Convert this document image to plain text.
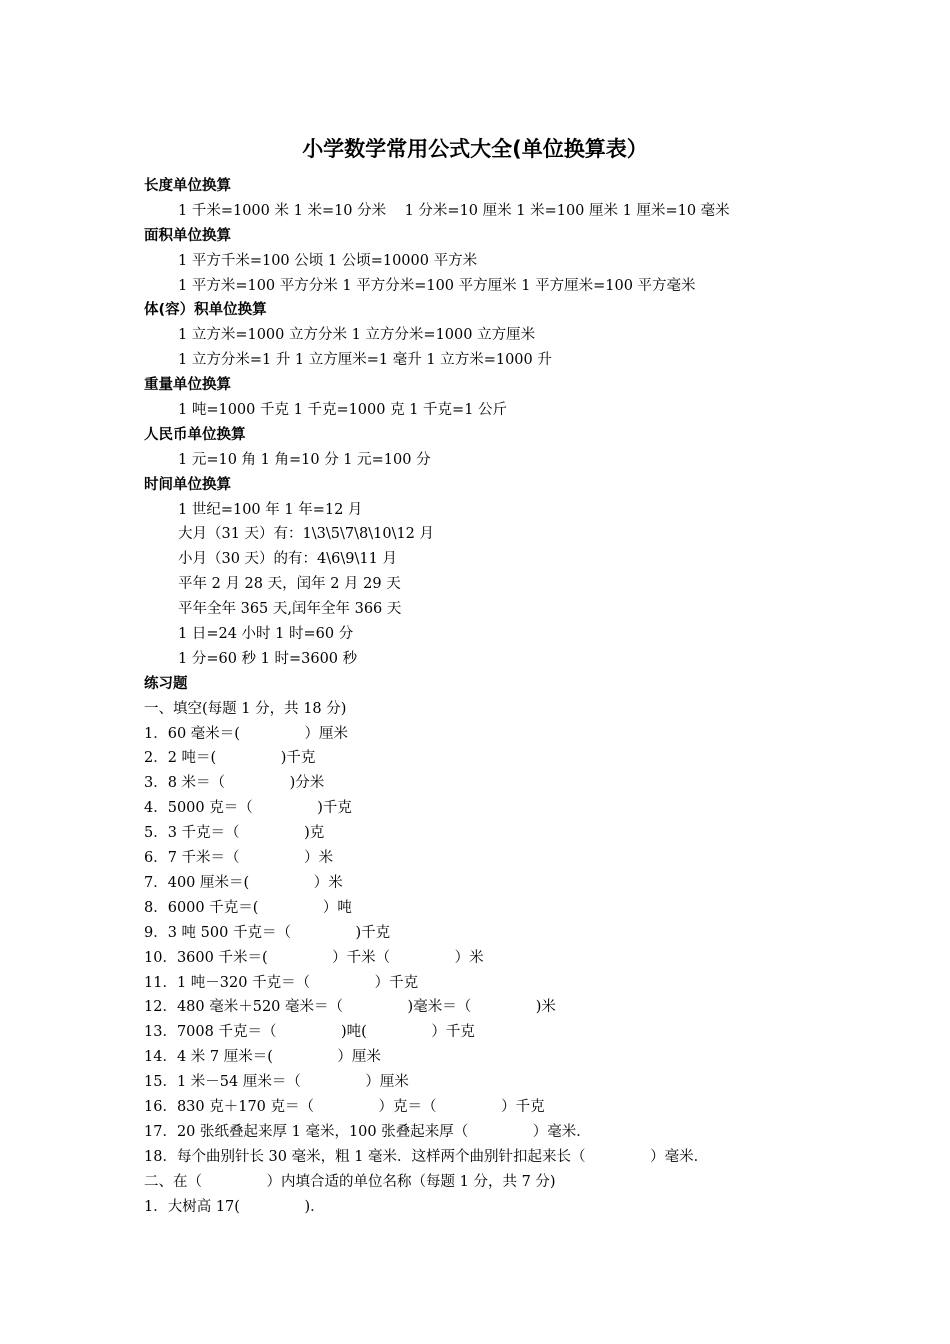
小学数学常用公式大全(单位换算表）
长度单位换算
1 千米=1000 米 1 米=10 分米    1 分米=10 厘米 1 米=100 厘米 1 厘米=10 毫米
面积单位换算
1 平方千米=100 公顷 1 公顷=10000 平方米
1 平方米=100 平方分米 1 平方分米=100 平方厘米 1 平方厘米=100 平方毫米
体(容）积单位换算
1 立方米=1000 立方分米 1 立方分米=1000 立方厘米
1 立方分米=1 升 1 立方厘米=1 毫升 1 立方米=1000 升
重量单位换算
1 吨=1000 千克 1 千克=1000 克 1 千克=1 公斤
人民币单位换算
1 元=10 角 1 角=10 分 1 元=100 分
时间单位换算
1 世纪=100 年 1 年=12 月
大月（31 天）有：1\3\5\7\8\10\12 月
小月（30 天）的有：4\6\9\11 月
平年 2 月 28 天，闰年 2 月 29 天
平年全年 365 天,闰年全年 366 天
1 日=24 小时 1 时=60 分
1 分=60 秒 1 时=3600 秒
练习题
一、填空(每题 1 分，共 18 分)
1．60 毫米＝(              ）厘米
2．2 吨＝(              )千克
3．8 米＝（              )分米
4．5000 克＝（              )千克
5．3 千克＝（              )克
6．7 千米＝（              ）米
7．400 厘米＝(              ）米
8．6000 千克＝(              ）吨
9．3 吨 500 千克＝（              )千克
10．3600 千米＝(              ）千米（              ）米
11．1 吨－320 千克＝（              ）千克
12．480 毫米＋520 毫米＝（              )毫米＝（              )米
13．7008 千克＝（              )吨(              ）千克
14．4 米 7 厘米＝(              ）厘米
15．1 米－54 厘米＝（              ）厘米
16．830 克＋170 克＝（              ）克＝（              ）千克
17．20 张纸叠起来厚 1 毫米，100 张叠起来厚（              ）毫米．
18．每个曲别针长 30 毫米，粗 1 毫米．这样两个曲别针扣起来长（              ）毫米．
二、在（              ）内填合适的单位名称（每题 1 分，共 7 分)
1．大树高 17(              )．
